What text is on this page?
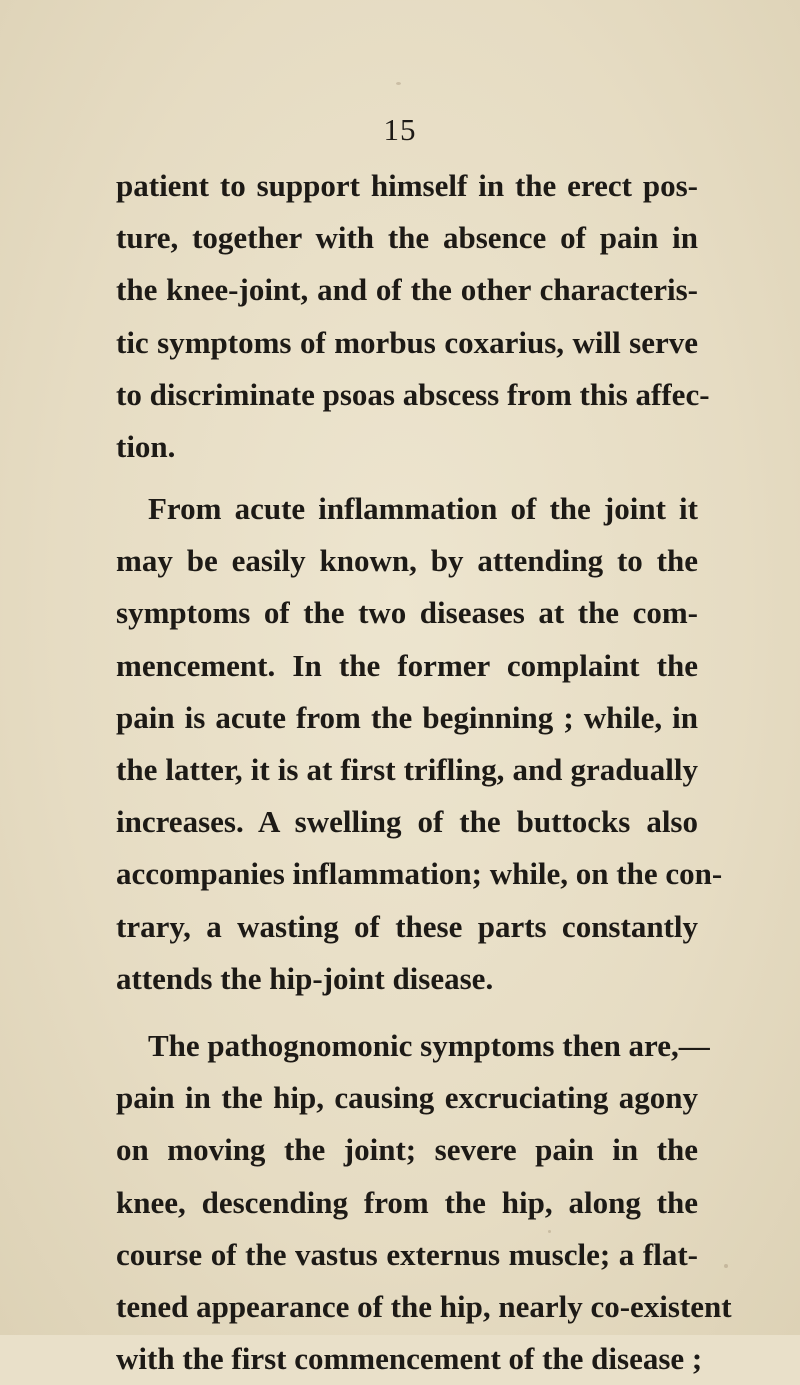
15
patient to support himself in the erect pos-
ture, together with the absence of pain in
the knee-joint, and of the other characteris-
tic symptoms of morbus coxarius, will serve
to discriminate psoas abscess from this affec-
tion.
From acute inflammation of the joint it
may be easily known, by attending to the
symptoms of the two diseases at the com-
mencement. In the former complaint the
pain is acute from the beginning ; while, in
the latter, it is at first trifling, and gradually
increases. A swelling of the buttocks also
accompanies inflammation; while, on the con-
trary, a wasting of these parts constantly
attends the hip-joint disease.
The pathognomonic symptoms then are,—
pain in the hip, causing excruciating agony
on moving the joint; severe pain in the
knee, descending from the hip, along the
course of the vastus externus muscle; a flat-
tened appearance of the hip, nearly co-existent
with the first commencement of the disease ;
